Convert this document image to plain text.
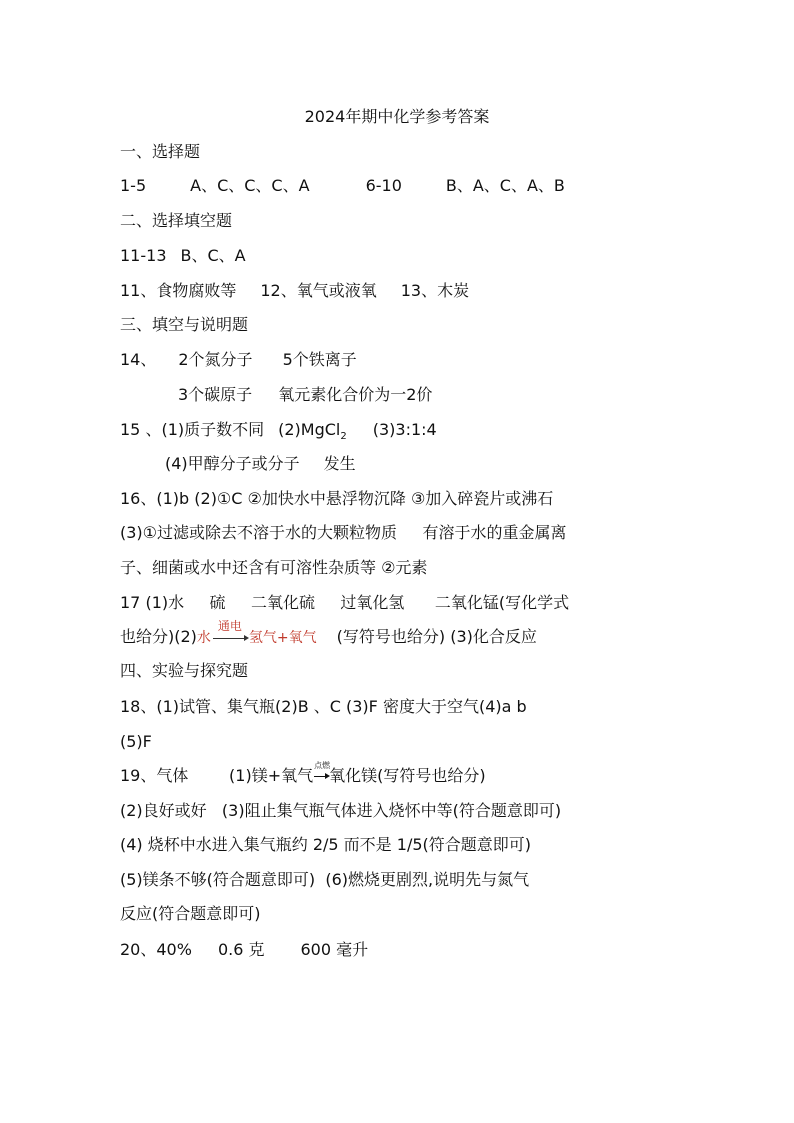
2024年期中化学参考答案
一、选择题
1-5	A、C、C、C、A	6-10	B、A、C、A、B
二、选择填空题
11-13 B、C、A
11、食物腐败等 12、氧气或液氧 13、木炭
三、填空与说明题
14、 2个氮分子 5个铁离子
3个碳原子 氧元素化合价为一2价
15 、(1)质子数不同 (2)MgCl$_2$ (3)3:1:4
(4)甲醇分子或分子 发生
16、(1)b (2)①C ②加快水中悬浮物沉降 ③加入碎瓷片或沸石
(3)①过滤或除去不溶于水的大颗粒物质     有溶于水的重金属离
子、细菌或水中还含有可溶性杂质等 ②元素
17 (1)水     硫     二氧化硫     过氧化氢      二氧化锰(写化学式
也给分)(2)水
通电
氢气+氧气 (写符号也给分) (3)化合反应
四、实验与探究题
18、(1)试管、集气瓶(2)B 、C (3)F 密度大于空气(4)a b
(5)F
19、气体        (1)镁+氧气
点燃
氧化镁(写符号也给分)
(2)良好或好   (3)阻止集气瓶气体进入烧怀中等(符合题意即可)
(4) 烧杯中水进入集气瓶约 2/5 而不是 1/5(符合题意即可)
(5)镁条不够(符合题意即可)  (6)燃烧更剧烈,说明先与氮气
反应(符合题意即可)
20、40% 0.6 克 600 毫升
